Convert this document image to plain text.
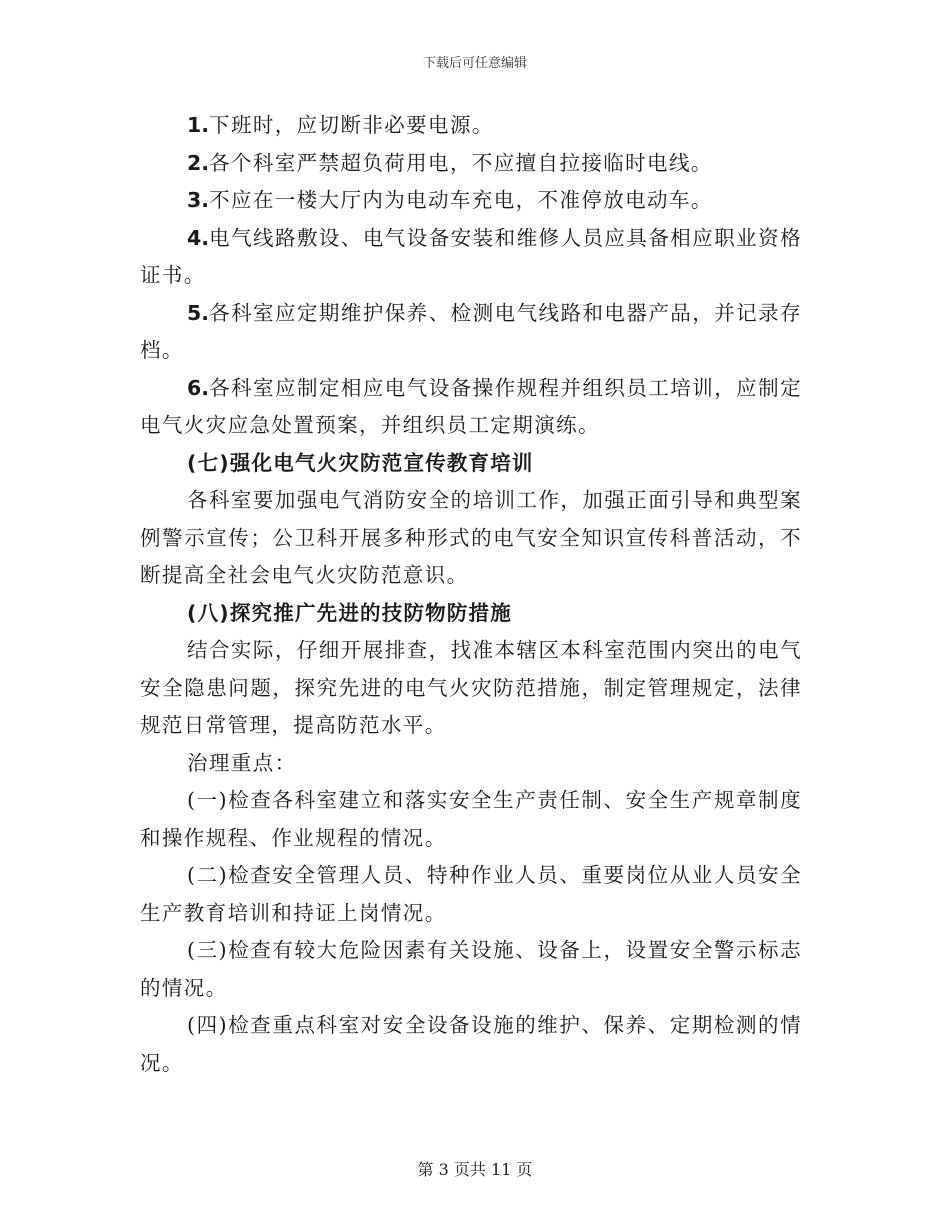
下载后可任意编辑

1.下班时，应切断非必要电源。

2.各个科室严禁超负荷用电，不应擅自拉接临时电线。

3.不应在一楼大厅内为电动车充电，不准停放电动车。

4.电气线路敷设、电气设备安装和维修人员应具备相应职业资格证书。

5.各科室应定期维护保养、检测电气线路和电器产品，并记录存档。

6.各科室应制定相应电气设备操作规程并组织员工培训，应制定电气火灾应急处置预案，并组织员工定期演练。

(七)强化电气火灾防范宣传教育培训

各科室要加强电气消防安全的培训工作，加强正面引导和典型案例警示宣传；公卫科开展多种形式的电气安全知识宣传科普活动，不断提高全社会电气火灾防范意识。

(八)探究推广先进的技防物防措施

结合实际，仔细开展排查，找准本辖区本科室范围内突出的电气安全隐患问题，探究先进的电气火灾防范措施，制定管理规定，法律规范日常管理，提高防范水平。

治理重点：

(一)检查各科室建立和落实安全生产责任制、安全生产规章制度和操作规程、作业规程的情况。

(二)检查安全管理人员、特种作业人员、重要岗位从业人员安全生产教育培训和持证上岗情况。

(三)检查有较大危险因素有关设施、设备上，设置安全警示标志的情况。

(四)检查重点科室对安全设备设施的维护、保养、定期检测的情况。

第 3 页共 11 页
